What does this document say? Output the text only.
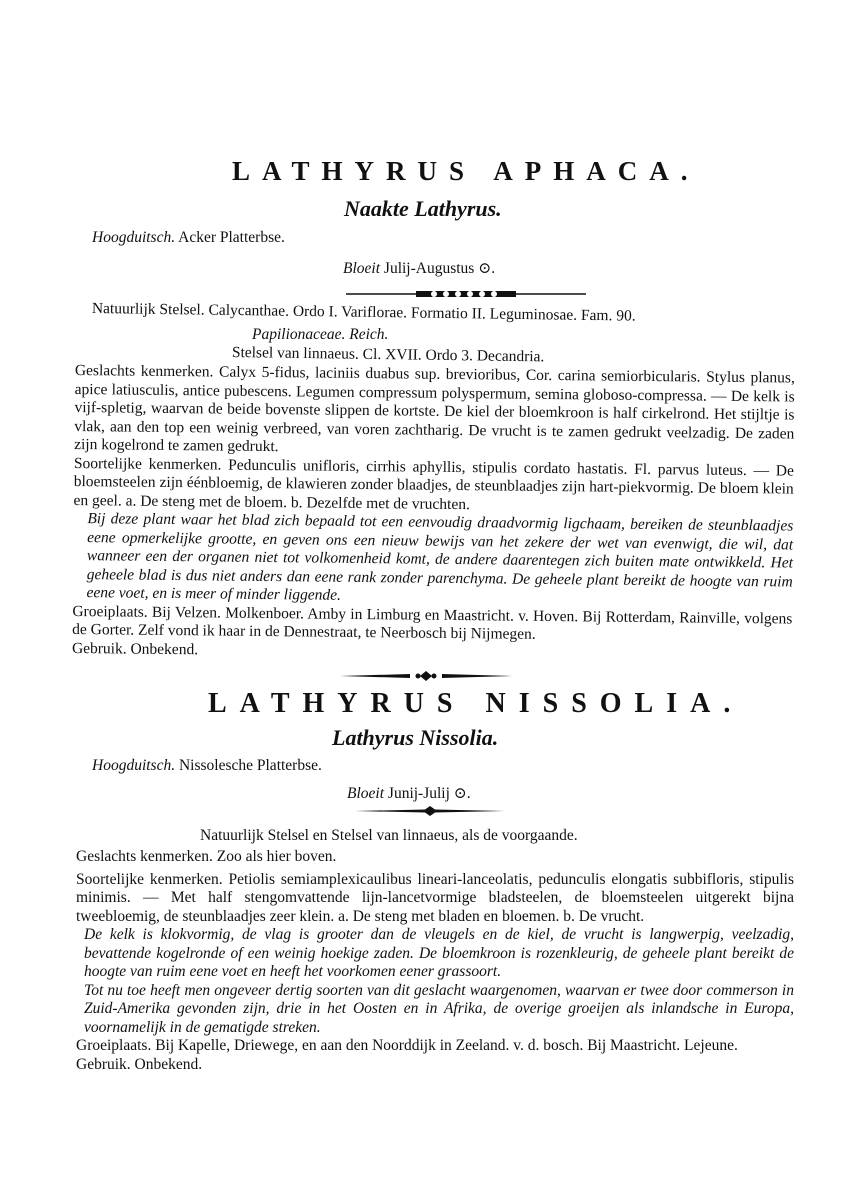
LATHYRUS APHACA.
Naakte Lathyrus.
Hoogduitsch. Acker Platterbse.
Bloeit Julij-Augustus ⊙.
Natuurlijk Stelsel. Calycanthae. Ordo I. Variflorae. Formatio II. Leguminosae. Fam. 90.
Papilionaceae. Reich.
Stelsel van linnaeus. Cl. XVII. Ordo 3. Decandria.

Geslachts kenmerken. Calyx 5-fidus, laciniis duabus sup. brevioribus, Cor. carina semiorbicularis. Stylus planus, apice latiusculis, antice pubescens. Legumen compressum polyspermum, semina globoso-compressa. — De kelk is vijf-spletig, waarvan de beide bovenste slippen de kortste. De kiel der bloemkroon is half cirkelrond. Het stijltje is vlak, aan den top een weinig verbreed, van voren zachtharig. De vrucht is te zamen gedrukt veelzadig. De zaden zijn kogelrond te zamen gedrukt.

Soortelijke kenmerken. Pedunculis unifloris, cirrhis aphyllis, stipulis cordato hastatis. Fl. parvus luteus. — De bloemsteelen zijn éénbloemig, de klawieren zonder blaadjes, de steunblaadjes zijn hart-piekvormig. De bloem klein en geel. a. De steng met de bloem. b. Dezelfde met de vruchten.

Bij deze plant waar het blad zich bepaald tot een eenvoudig draadvormig ligchaam, bereiken de steunblaadjes eene opmerkelijke grootte, en geven ons een nieuw bewijs van het zekere der wet van evenwigt, die wil, dat wanneer een der organen niet tot volkomenheid komt, de andere daarentegen zich buiten mate ontwikkeld. Het geheele blad is dus niet anders dan eene rank zonder parenchyma. De geheele plant bereikt de hoogte van ruim eene voet, en is meer of minder liggende.

Groeiplaats. Bij Velzen. Molkenboer. Amby in Limburg en Maastricht. v. Hoven. Bij Rotterdam, Rainville, volgens de Gorter. Zelf vond ik haar in de Dennestraat, te Neerbosch bij Nijmegen.

Gebruik. Onbekend.

LATHYRUS NISSOLIA.
Lathyrus Nissolia.
Hoogduitsch. Nissolesche Platterbse.
Bloeit Junij-Julij ⊙.
Natuurlijk Stelsel en Stelsel van linnaeus, als de voorgaande.

Geslachts kenmerken. Zoo als hier boven.

Soortelijke kenmerken. Petiolis semiamplexicaulibus lineari-lanceolatis, pedunculis elongatis subbifloris, stipulis minimis. — Met half stengomvattende lijn-lancetvormige bladsteelen, de bloemsteelen uitgerekt bijna tweebloemig, de steunblaadjes zeer klein. a. De steng met bladen en bloemen. b. De vrucht.

De kelk is klokvormig, de vlag is grooter dan de vleugels en de kiel, de vrucht is langwerpig, veelzadig, bevattende kogelronde of een weinig hoekige zaden. De bloemkroon is rozenkleurig, de geheele plant bereikt de hoogte van ruim eene voet en heeft het voorkomen eener grassoort.

Tot nu toe heeft men ongeveer dertig soorten van dit geslacht waargenomen, waarvan er twee door commerson in Zuid-Amerika gevonden zijn, drie in het Oosten en in Afrika, de overige groeijen als inlandsche in Europa, voornamelijk in de gematigde streken.

Groeiplaats. Bij Kapelle, Driewege, en aan den Noorddijk in Zeeland. v. d. bosch. Bij Maastricht. Lejeune.

Gebruik. Onbekend.
